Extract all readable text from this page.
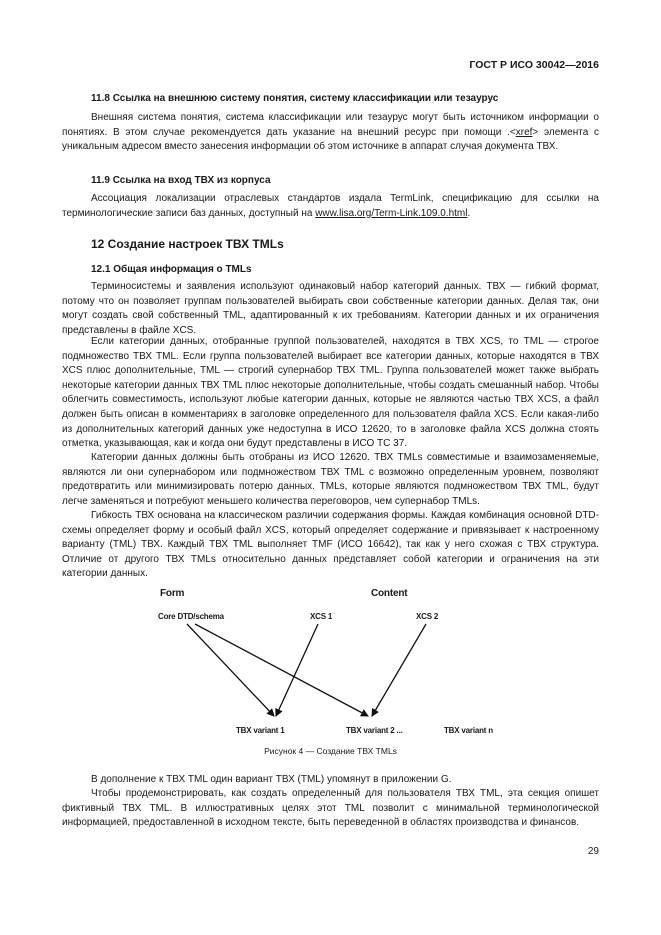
ГОСТ Р ИСО 30042—2016
11.8 Ссылка на внешнюю систему понятия, систему классификации или тезаурус

Внешняя система понятия, система классификации или тезаурус могут быть источником информации о понятиях. В этом случае рекомендуется дать указание на внешний ресурс при помощи .<xref> элемента с уникальным адресом вместо занесения информации об этом источнике в аппарат случая документа ТВХ.

11.9 Ссылка на вход ТВХ из корпуса

Ассоциация локализации отраслевых стандартов издала TermLink, спецификацию для ссылки на терминологические записи баз данных, доступный на www.lisa.org/Term-Link.109.0.html.

12 Создание настроек ТВХ TMLs
12.1 Общая информация о TMLs

Терминосистемы и заявления используют одинаковый набор категорий данных. ТВХ — гибкий формат, потому что он позволяет группам пользователей выбирать свои собственные категории данных. Делая так, они могут создать свой собственный TML, адаптированный к их требованиям. Категории данных и их ограничения представлены в файле XCS.

Если категории данных, отобранные группой пользователей, находятся в ТВХ XCS, то TML — строгое подмножество ТВХ TML. Если группа пользователей выбирает все категории данных, которые находятся в ТВХ XCS плюс дополнительные, TML — строгий супернабор ТВХ TML. Группа пользователей может также выбрать некоторые категории данных ТВХ TML плюс некоторые дополнительные, чтобы создать смешанный набор. Чтобы облегчить совместимость, используют любые категории данных, которые не являются частью ТВХ XCS, а файл должен быть описан в комментариях в заголовке определенного для пользователя файла XCS. Если какая-либо из дополнительных категорий данных уже недоступна в ИСО 12620, то в заголовке файла XCS должна стоять отметка, указывающая, как и когда они будут представлены в ИСО ТС 37.

Категории данных должны быть отобраны из ИСО 12620. ТВХ TMLs совместимые и взаимозаменяемые, являются ли они супернабором или подмножеством ТВХ TML с возможно определенным уровнем, позволяют предотвратить или минимизировать потерю данных. TMLs, которые являются подмножеством ТВХ TML, будут легче заменяться и потребуют меньшего количества переговоров, чем супернабор TMLs.

Гибкость ТВХ основана на классическом различии содержания формы. Каждая комбинация основной DTD-схемы определяет форму и особый файл XCS, который определяет содержание и привязывает к настроенному варианту (TML) ТВХ. Каждый ТВХ TML выполняет TMF (ИСО 16642), так как у него схожая с ТВХ структура. Отличие от другого ТВХ TMLs относительно данных представляет собой категории и ограничения на эти категории данных.

Form	Content
Core DTD/schema	XCS 1	XCS 2
TBX variant 1	TBX variant 2 ...	TBX variant n
Рисунок 4 — Создание ТВХ TMLs

В дополнение к ТВХ TML один вариант ТВХ (TML) упомянут в приложении G.

Чтобы продемонстрировать, как создать определенный для пользователя ТВХ TML, эта секция опишет фиктивный ТВХ TML. В иллюстративных целях этот TML позволит с минимальной терминологической информацией, предоставленной в исходном тексте, быть переведенной в областях производства и финансов.

29
